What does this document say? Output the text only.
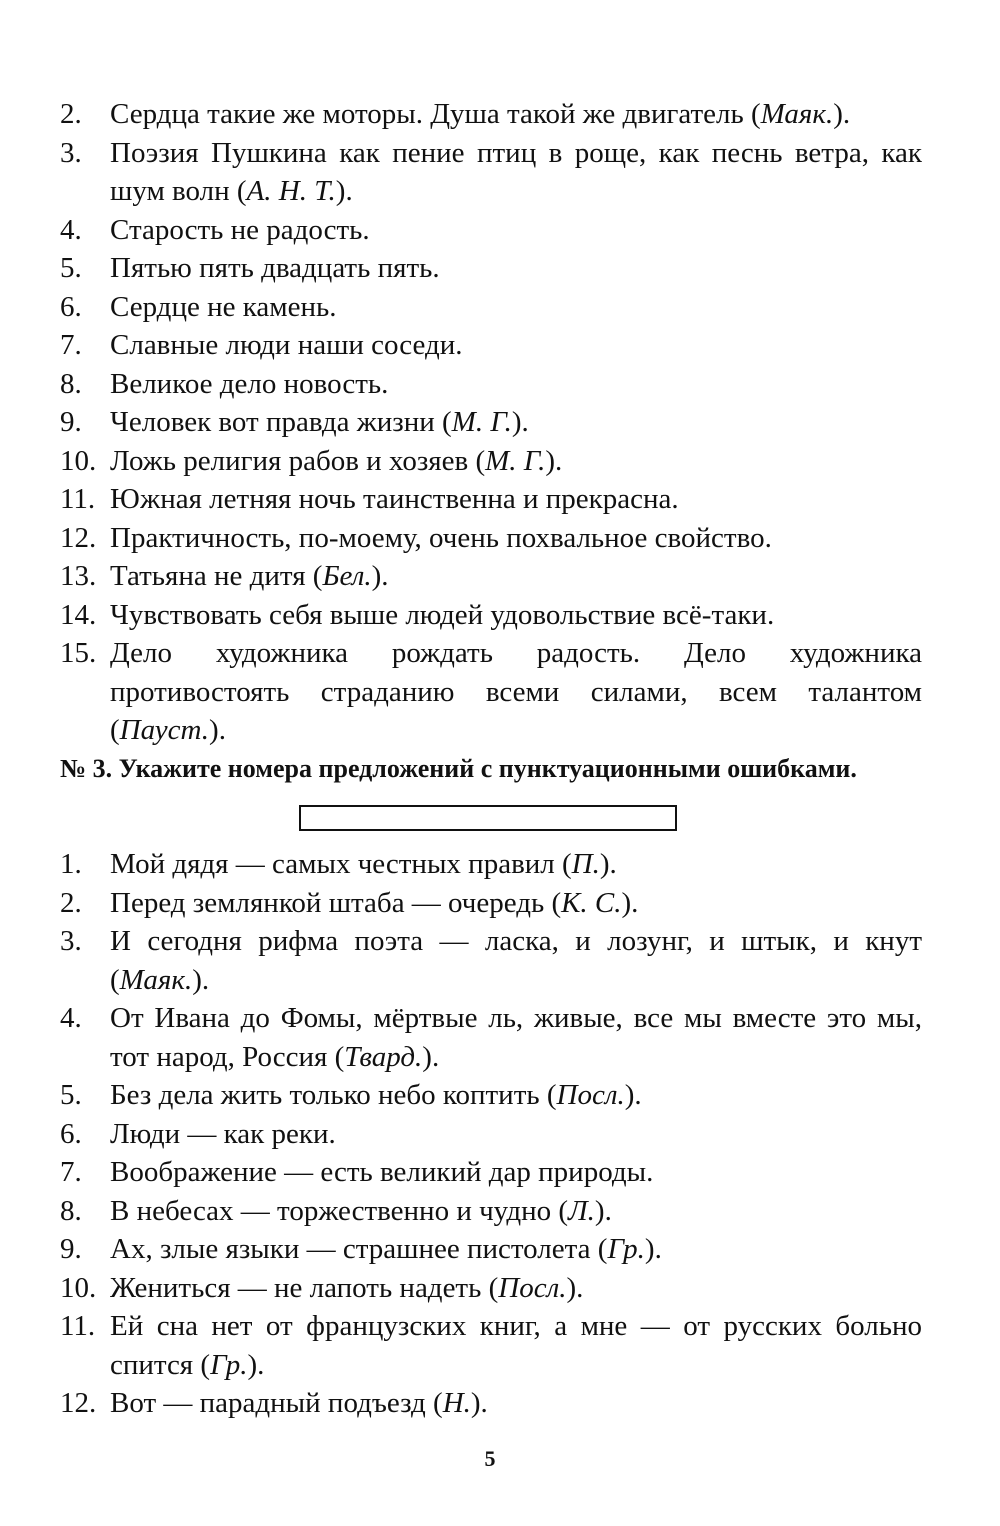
2. Сердца такие же моторы. Душа такой же двигатель (Маяк.).
3. Поэзия Пушкина как пение птиц в роще, как песнь ветра, как шум волн (А. Н. Т.).
4. Старость не радость.
5. Пятью пять двадцать пять.
6. Сердце не камень.
7. Славные люди наши соседи.
8. Великое дело новость.
9. Человек вот правда жизни (М. Г.).
10. Ложь религия рабов и хозяев (М. Г.).
11. Южная летняя ночь таинственна и прекрасна.
12. Практичность, по-моему, очень похвальное свойство.
13. Татьяна не дитя (Бел.).
14. Чувствовать себя выше людей удовольствие всё-таки.
15. Дело художника рождать радость. Дело художника противостоять страданию всеми силами, всем талантом (Пауст.).
№ 3. Укажите номера предложений с пунктуационными ошибками.
1. Мой дядя — самых честных правил (П.).
2. Перед землянкой штаба — очередь (К. С.).
3. И сегодня рифма поэта — ласка, и лозунг, и штык, и кнут (Маяк.).
4. От Ивана до Фомы, мёртвые ль, живые, все мы вместе это мы, тот народ, Россия (Твард.).
5. Без дела жить только небо коптить (Посл.).
6. Люди — как реки.
7. Воображение — есть великий дар природы.
8. В небесах — торжественно и чудно (Л.).
9. Ах, злые языки — страшнее пистолета (Гр.).
10. Жениться — не лапоть надеть (Посл.).
11. Ей сна нет от французских книг, а мне — от русских больно спится (Гр.).
12. Вот — парадный подъезд (Н.).
5
